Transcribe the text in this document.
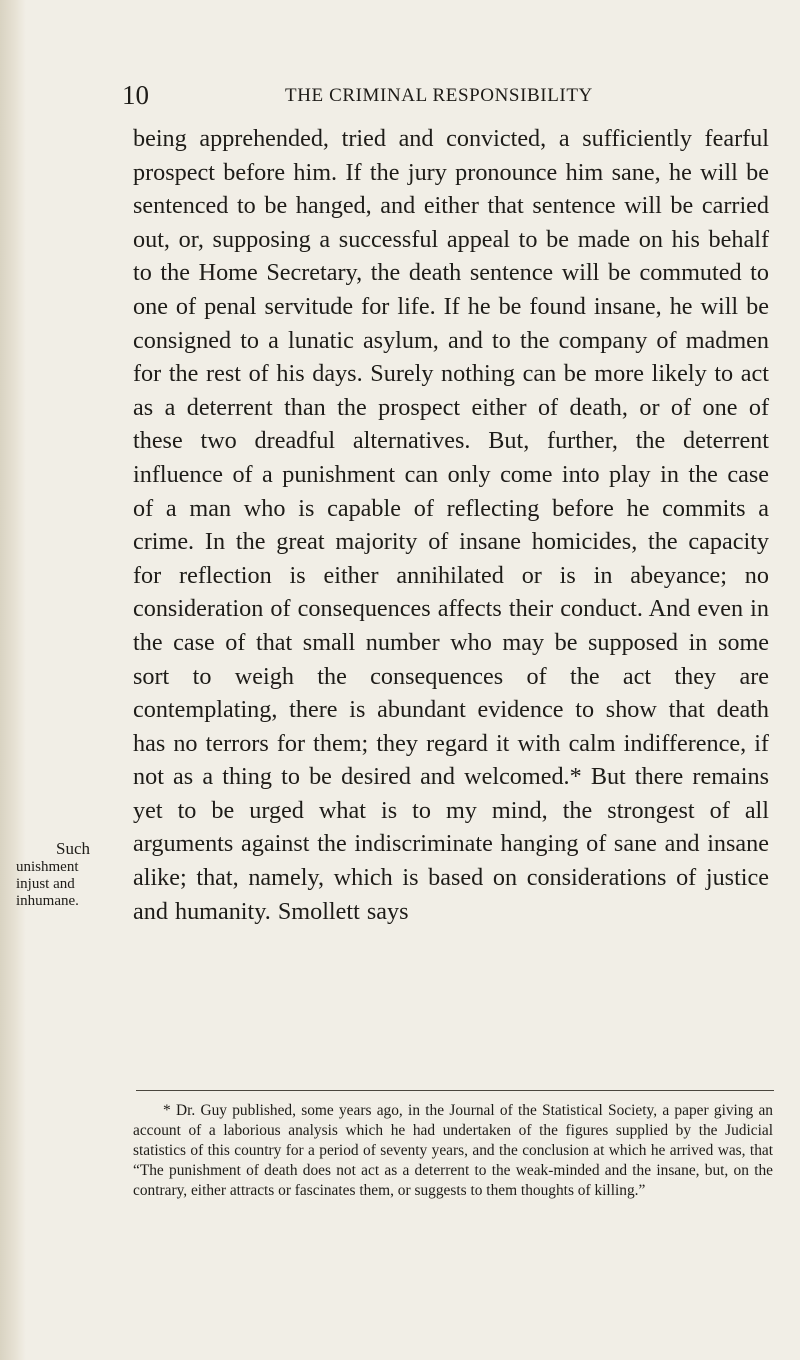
10	THE CRIMINAL RESPONSIBILITY

being apprehended, tried and convicted, a sufficiently fearful prospect before him. If the jury pronounce him sane, he will be sentenced to be hanged, and either that sentence will be carried out, or, supposing a successful appeal to be made on his behalf to the Home Secretary, the death sentence will be commuted to one of penal servitude for life. If he be found insane, he will be consigned to a lunatic asylum, and to the company of madmen for the rest of his days. Surely nothing can be more likely to act as a deterrent than the prospect either of death, or of one of these two dreadful alternatives. But, further, the deterrent influence of a punishment can only come into play in the case of a man who is capable of reflecting before he commits a crime. In the great majority of insane homicides, the capacity for reflection is either annihilated or is in abeyance; no consideration of consequences affects their conduct. And even in the case of that small number who may be supposed in some sort to weigh the consequences of the act they are contemplating, there is abundant evidence to show that death has no terrors for them; they regard it with calm indifference, if not as a thing to be desired and welcomed.* But there remains yet to be urged what is to my mind, the strongest of all arguments against the indiscriminate hanging of sane and insane alike; that, namely, which is based on considerations of justice and humanity. Smollett says

Such
unishment
injust and
inhumane.

* Dr. Guy published, some years ago, in the Journal of the Statistical Society, a paper giving an account of a laborious analysis which he had undertaken of the figures supplied by the Judicial statistics of this country for a period of seventy years, and the conclusion at which he arrived was, that “The punishment of death does not act as a deterrent to the weak-minded and the insane, but, on the contrary, either attracts or fascinates them, or suggests to them thoughts of killing.”
